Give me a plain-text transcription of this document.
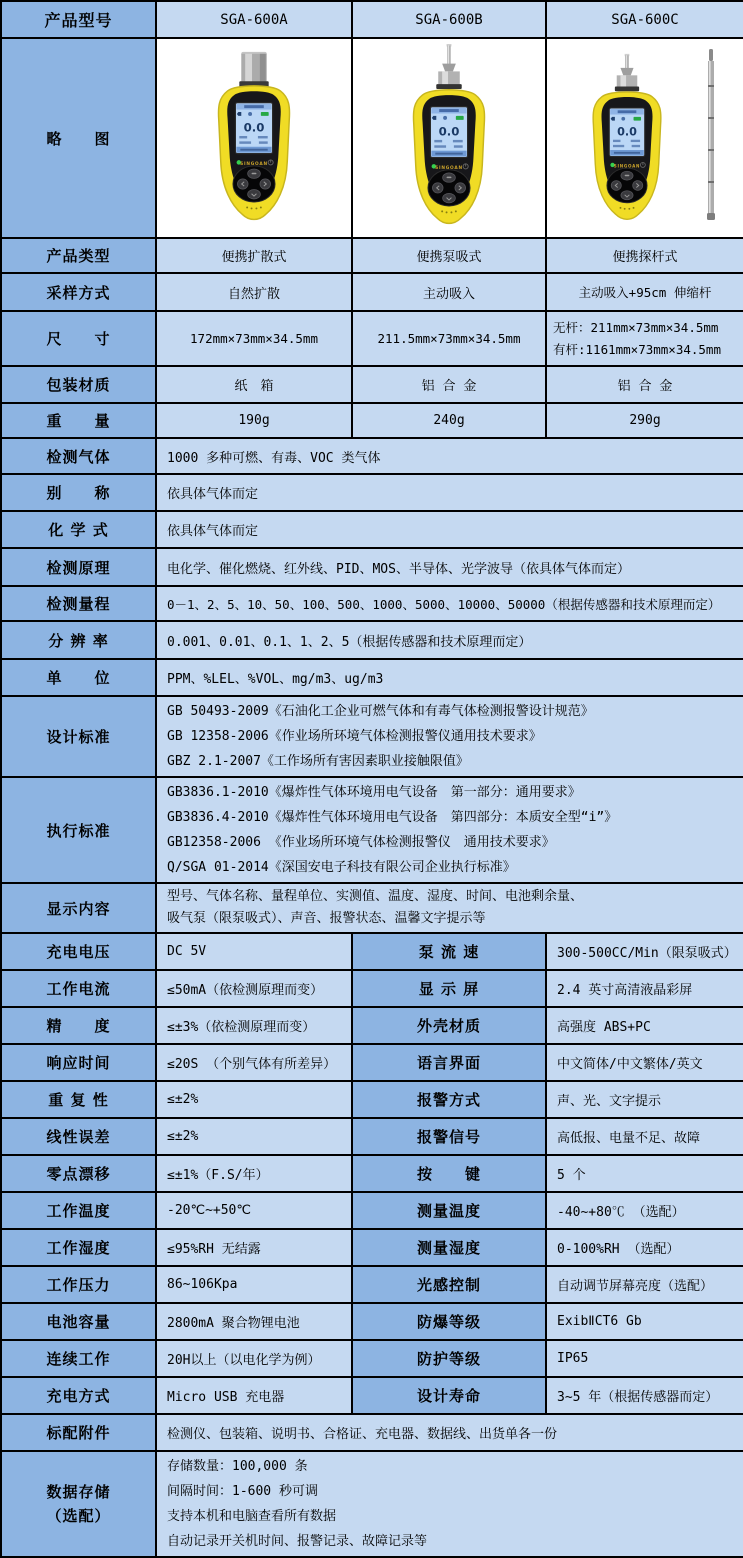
产品型号	SGA-600A	SGA-600B	SGA-600C
略　　图			

产品类型	便携扩散式	便携泵吸式	便携探杆式
采样方式	自然扩散	主动吸入	主动吸入+95cm 伸缩杆
尺　　寸	172mm×73mm×34.5mm	211.5mm×73mm×34.5mm	无杆：211mm×73mm×34.5mm
有杆:1161mm×73mm×34.5mm

包装材质	纸　箱	铝 合 金	铝 合 金
重　　量	190g	240g	290g
检测气体	1000 多种可燃、有毒、VOC 类气体		
别　　称	依具体气体而定		
化 学 式	依具体气体而定		
检测原理	电化学、催化燃烧、红外线、PID、MOS、半导体、光学波导（依具体气体而定）		
检测量程	0－1、2、5、10、50、100、500、1000、5000、10000、50000（根据传感器和技术原理而定）		
分 辨 率	0.001、0.01、0.1、1、2、5（根据传感器和技术原理而定）		
单　　位	PPM、%LEL、%VOL、mg/m3、ug/m3		
设计标准	GB 50493-2009《石油化工企业可燃气体和有毒气体检测报警设计规范》
GB 12358-2006《作业场所环境气体检测报警仪通用技术要求》
GBZ 2.1-2007《工作场所有害因素职业接触限值》		

执行标准	GB3836.1-2010《爆炸性气体环境用电气设备　第一部分：通用要求》
GB3836.4-2010《爆炸性气体环境用电气设备　第四部分：本质安全型“i”》
GB12358-2006 《作业场所环境气体检测报警仪　通用技术要求》
Q/SGA 01-2014《深国安电子科技有限公司企业执行标准》		

显示内容	型号、气体名称、量程单位、实测值、温度、湿度、时间、电池剩余量、
吸气泵（限泵吸式）、声音、报警状态、温馨文字提示等		

充电电压	DC 5V	泵 流 速	300-500CC/Min（限泵吸式）
工作电流	≤50mA（依检测原理而变）	显 示 屏	2.4 英寸高清液晶彩屏
精　　度	≤±3%（依检测原理而变）	外壳材质	高强度 ABS+PC
响应时间	≤20S （个别气体有所差异）	语言界面	中文简体/中文繁体/英文
重 复 性	≤±2%	报警方式	声、光、文字提示
线性误差	≤±2%	报警信号	高低报、电量不足、故障
零点漂移	≤±1%（F.S/年）	按　　键	5 个
工作温度	-20℃~+50℃	测量温度	-40~+80℃ （选配）
工作湿度	≤95%RH 无结露	测量湿度	0-100%RH （选配）
工作压力	86~106Kpa	光感控制	自动调节屏幕亮度（选配）
电池容量	2800mA 聚合物锂电池	防爆等级	ExibⅡCT6 Gb
连续工作	20H以上（以电化学为例）	防护等级	IP65
充电方式	Micro USB 充电器	设计寿命	3~5 年（根据传感器而定）
标配附件	检测仪、包装箱、说明书、合格证、充电器、数据线、出货单各一份		

数据存储
（选配）	存储数量：100,000 条
间隔时间：1-600 秒可调
支持本机和电脑查看所有数据
自动记录开关机时间、报警记录、故障记录等		
